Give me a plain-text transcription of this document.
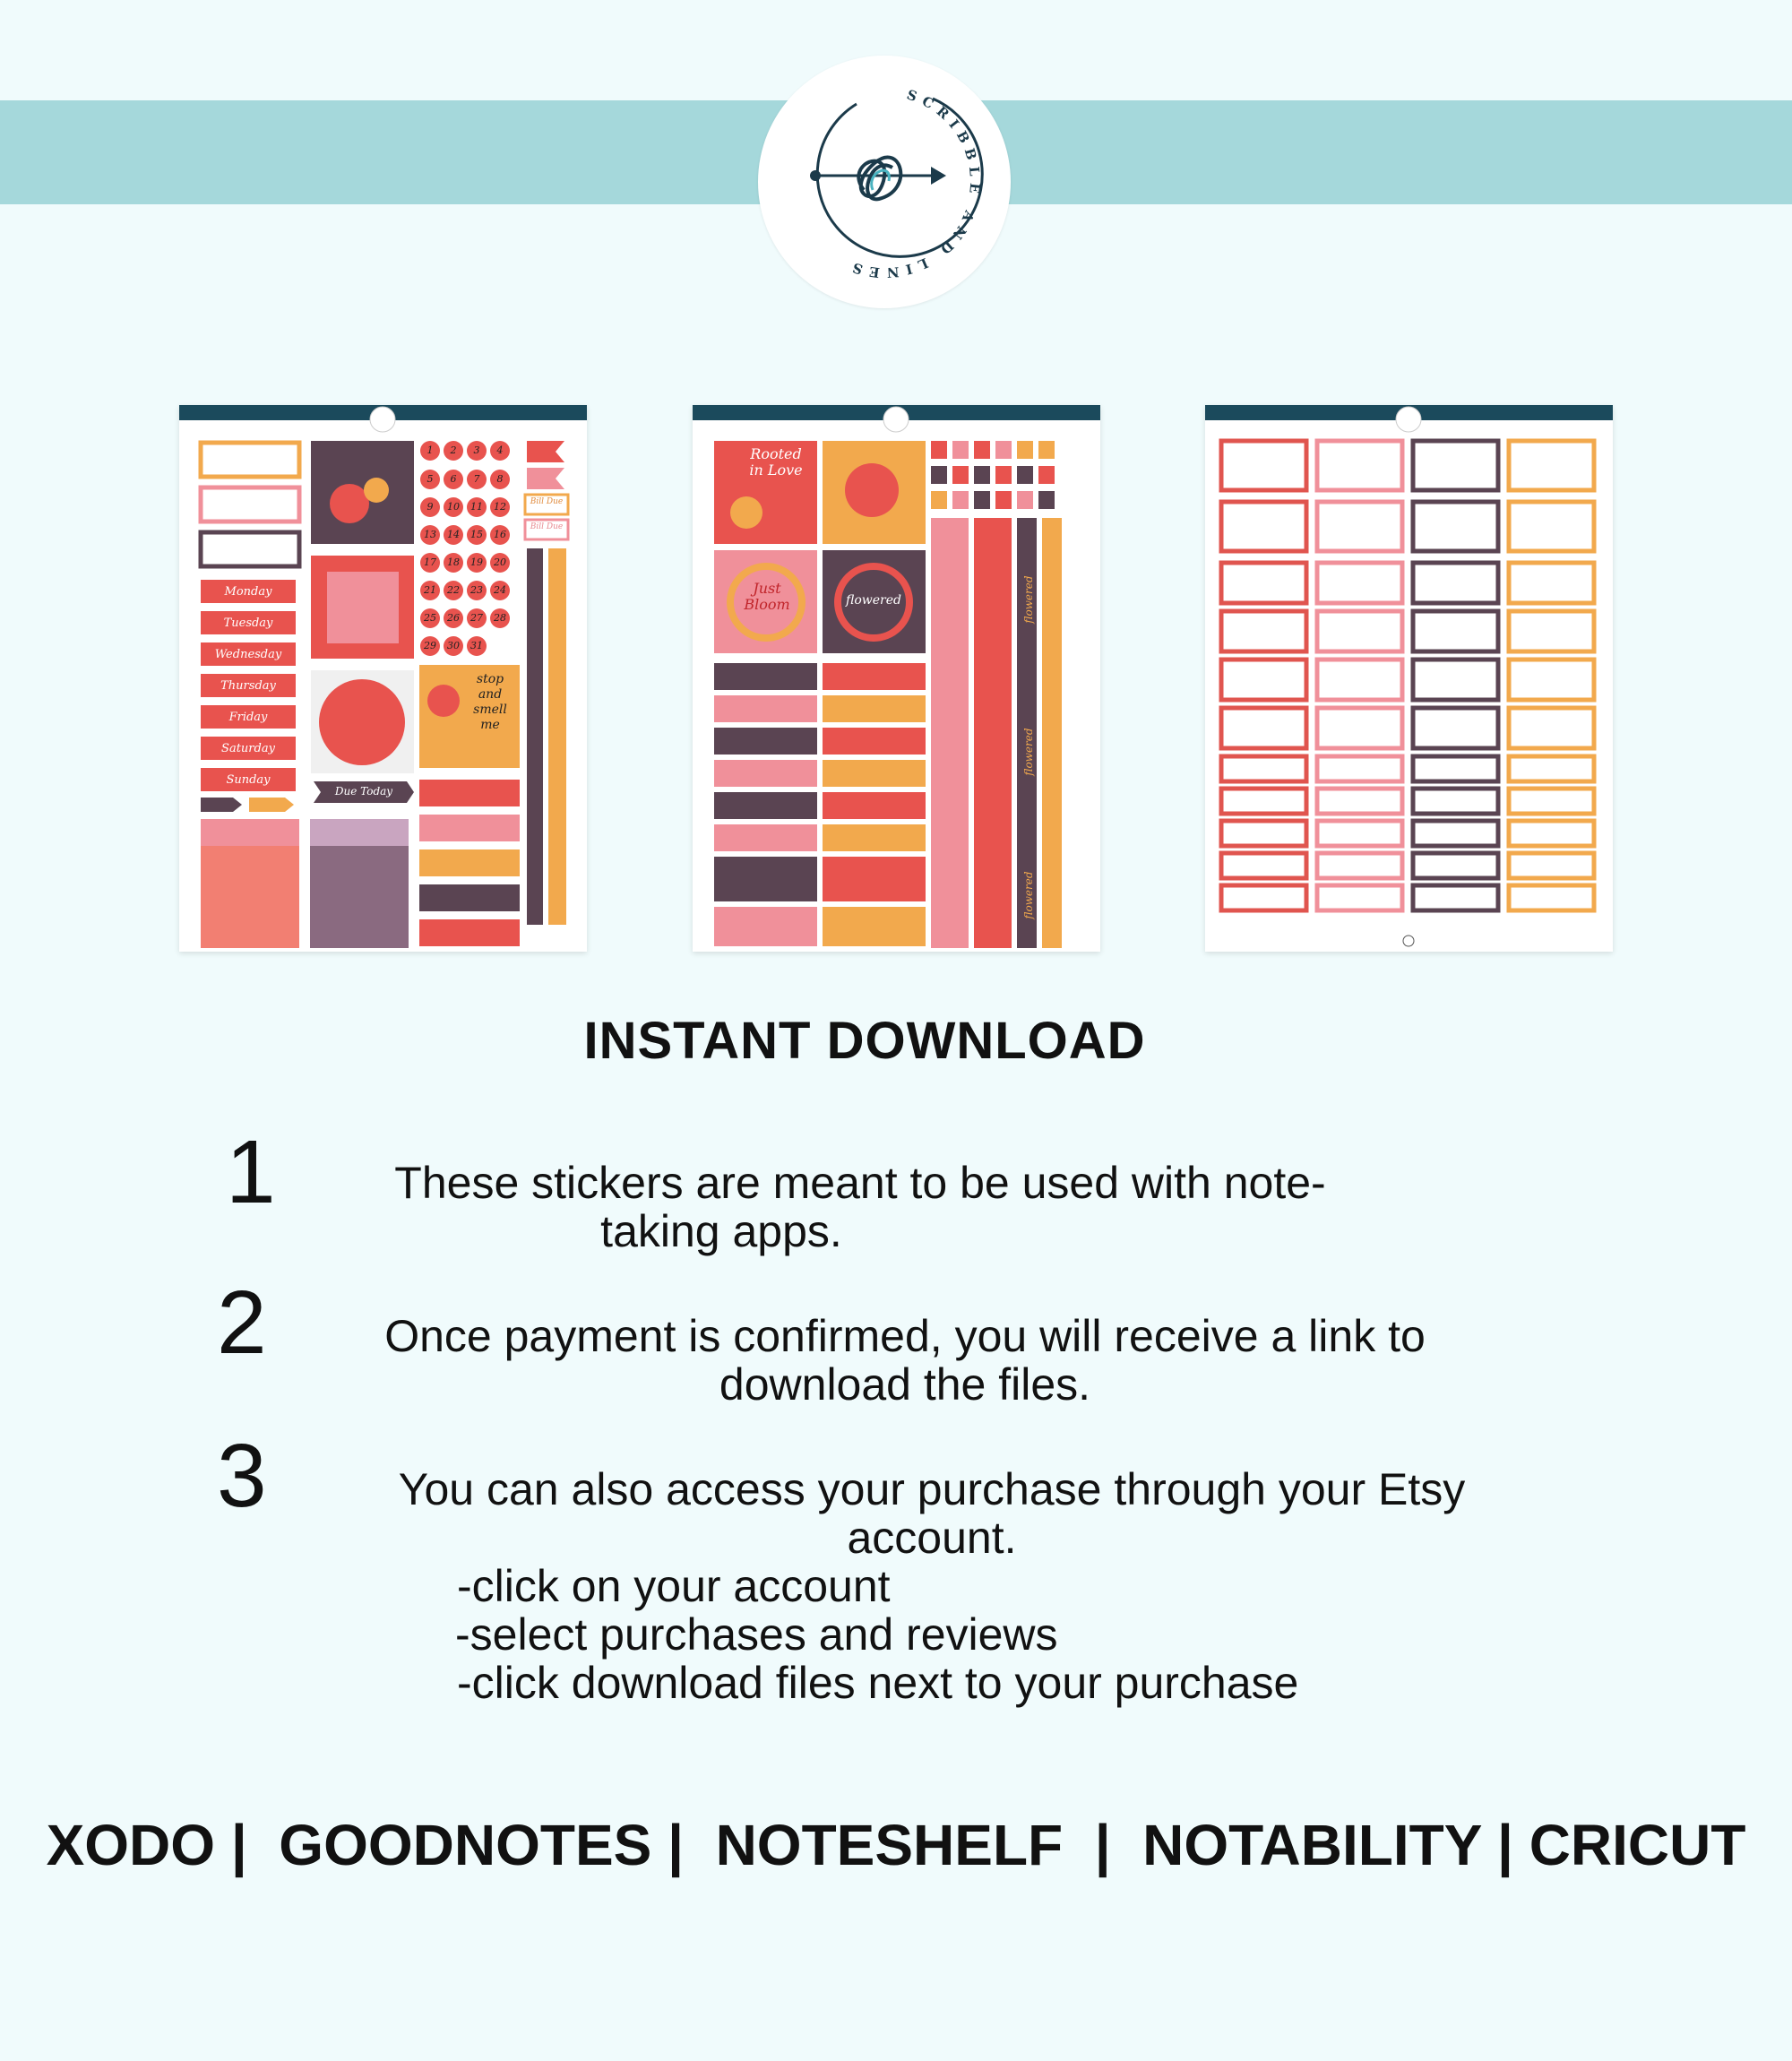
SCRIBBLE AND LINES
Monday
Tuesday
Wednesday
Thursday
Friday
Saturday
Sunday
1	2	3	4
5	6	7	8
9	10	11	12
13	14	15	16
17	18	19	20
21	22	23	24
25	26	27	28
29	30	31
Bill Due
Bill Due
Due Today
stop and smell me
Rooted in Love
Just Bloom	flowered	flowered
flowered
flowered
INSTANT DOWNLOAD
1	These stickers are meant to be used with note-
taking apps.
2	Once payment is confirmed, you will receive a link to
download the files.
3	You can also access your purchase through your Etsy
account.
-click on your account
-select purchases and reviews
-click download files next to your purchase
XODO |  GOODNOTES |  NOTESHELF  |  NOTABILITY | CRICUT
